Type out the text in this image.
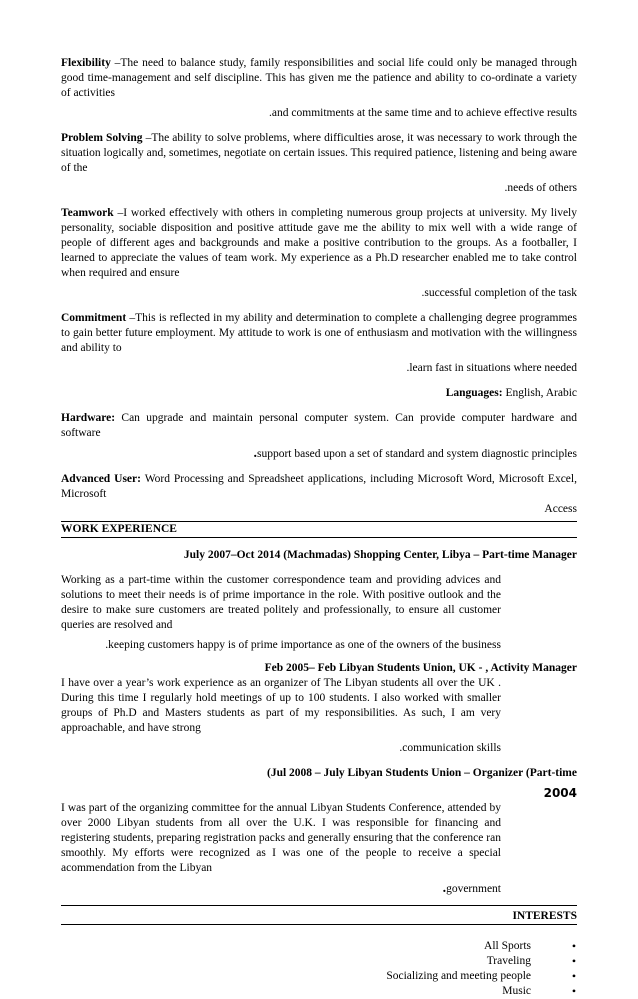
Flexibility –The need to balance study, family responsibilities and social life could only be managed through good time-management and self discipline. This has given me the patience and ability to co-ordinate a variety of activities

.and commitments at the same time and to achieve effective results

Problem Solving –The ability to solve problems, where difficulties arose, it was necessary to work through the situation logically and, sometimes, negotiate on certain issues. This required patience, listening and being aware of the

.needs of others

Teamwork –I worked effectively with others in completing numerous group projects at university. My lively personality, sociable disposition and positive attitude gave me the ability to mix well with a wide range of people of different ages and backgrounds and make a positive contribution to the groups. As a footballer, I learned to appreciate the values of team work. My experience as a Ph.D researcher enabled me to take control when required and ensure

.successful completion of the task

Commitment –This is reflected in my ability and determination to complete a challenging degree programmes to gain better future employment. My attitude to work is one of enthusiasm and motivation with the willingness and ability to

.learn fast in situations where needed
Languages: English, Arabic

Hardware: Can upgrade and maintain personal computer system. Can provide computer hardware and software

.support based upon a set of standard and system diagnostic principles

Advanced User: Word Processing and Spreadsheet applications, including Microsoft Word, Microsoft Excel, Microsoft

Access
WORK EXPERIENCE
July 2007–Oct 2014 (Machmadas) Shopping Center, Libya – Part-time Manager

Working as a part-time within the customer correspondence team and providing advices and solutions to meet their needs is of prime importance in the role. With positive outlook and the desire to make sure customers are treated politely and professionally, to ensure all customer queries are resolved and

.keeping customers happy is of prime importance as one of the owners of the business
Feb 2005– Feb Libyan Students Union, UK - , Activity Manager

I have over a year’s work experience as an organizer of The Libyan students all over the UK . During this time I regularly hold meetings of up to 100 students. I also worked with smaller groups of Ph.D and Masters students as part of my responsibilities. As such, I am very approachable, and have strong

.communication skills
(Jul 2008 – July Libyan Students Union – Organizer (Part-time
2004

I was part of the organizing committee for the annual Libyan Students Conference, attended by over 2000 Libyan students from all over the U.K. I was responsible for financing and registering students, preparing registration packs and generally ensuring that the conference ran smoothly. My efforts were recognized as I was one of the people to receive a special acommendation from the Libyan

.government
INTERESTS
All Sports	•
Traveling	•
Socializing and meeting people	•
Music	•
